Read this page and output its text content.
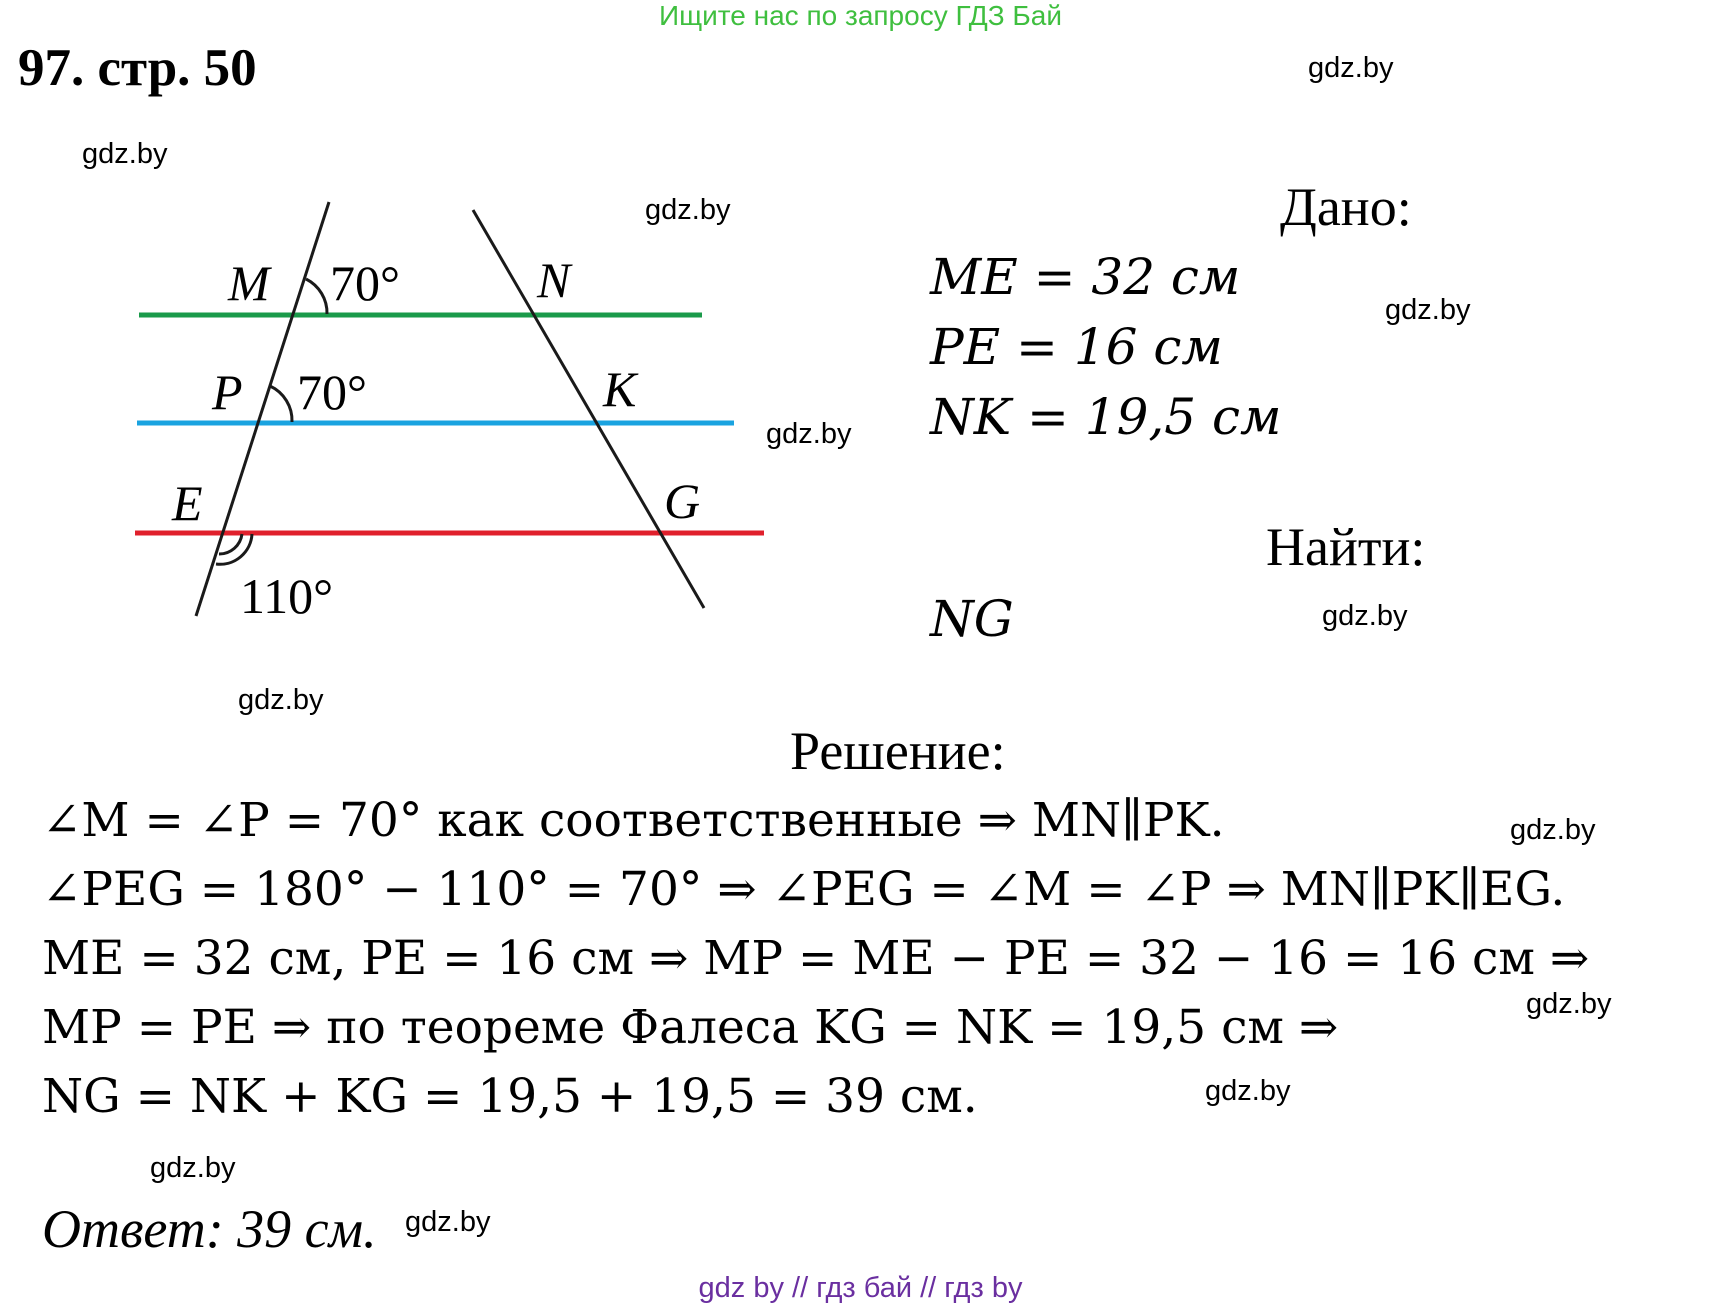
Ищите нас по запросу ГДЗ Бай
97. стр. 50	gdz.by
gdz.by
gdz.by
gdz.by
gdz.by
gdz.by
gdz.by
gdz.by
gdz.by
gdz.by
gdz.by
gdz.by
M 70°	N
P 70°	K
E	G
110°
Дано:
ME = 32 см
PE = 16 см
NK = 19,5 см
Найти:
NG
Решение:
∠M = ∠P = 70° как соответственные ⇒ MN∥PK.
∠PEG = 180° − 110° = 70° ⇒ ∠PEG = ∠M = ∠P ⇒ MN∥PK∥EG.
ME = 32 см, PE = 16 см ⇒ MP = ME − PE = 32 − 16 = 16 см ⇒
MP = PE ⇒ по теореме Фалеса KG = NK = 19,5 см ⇒
NG = NK + KG = 19,5 + 19,5 = 39 см.
Ответ: 39 см.
gdz by // гдз бай // гдз by
